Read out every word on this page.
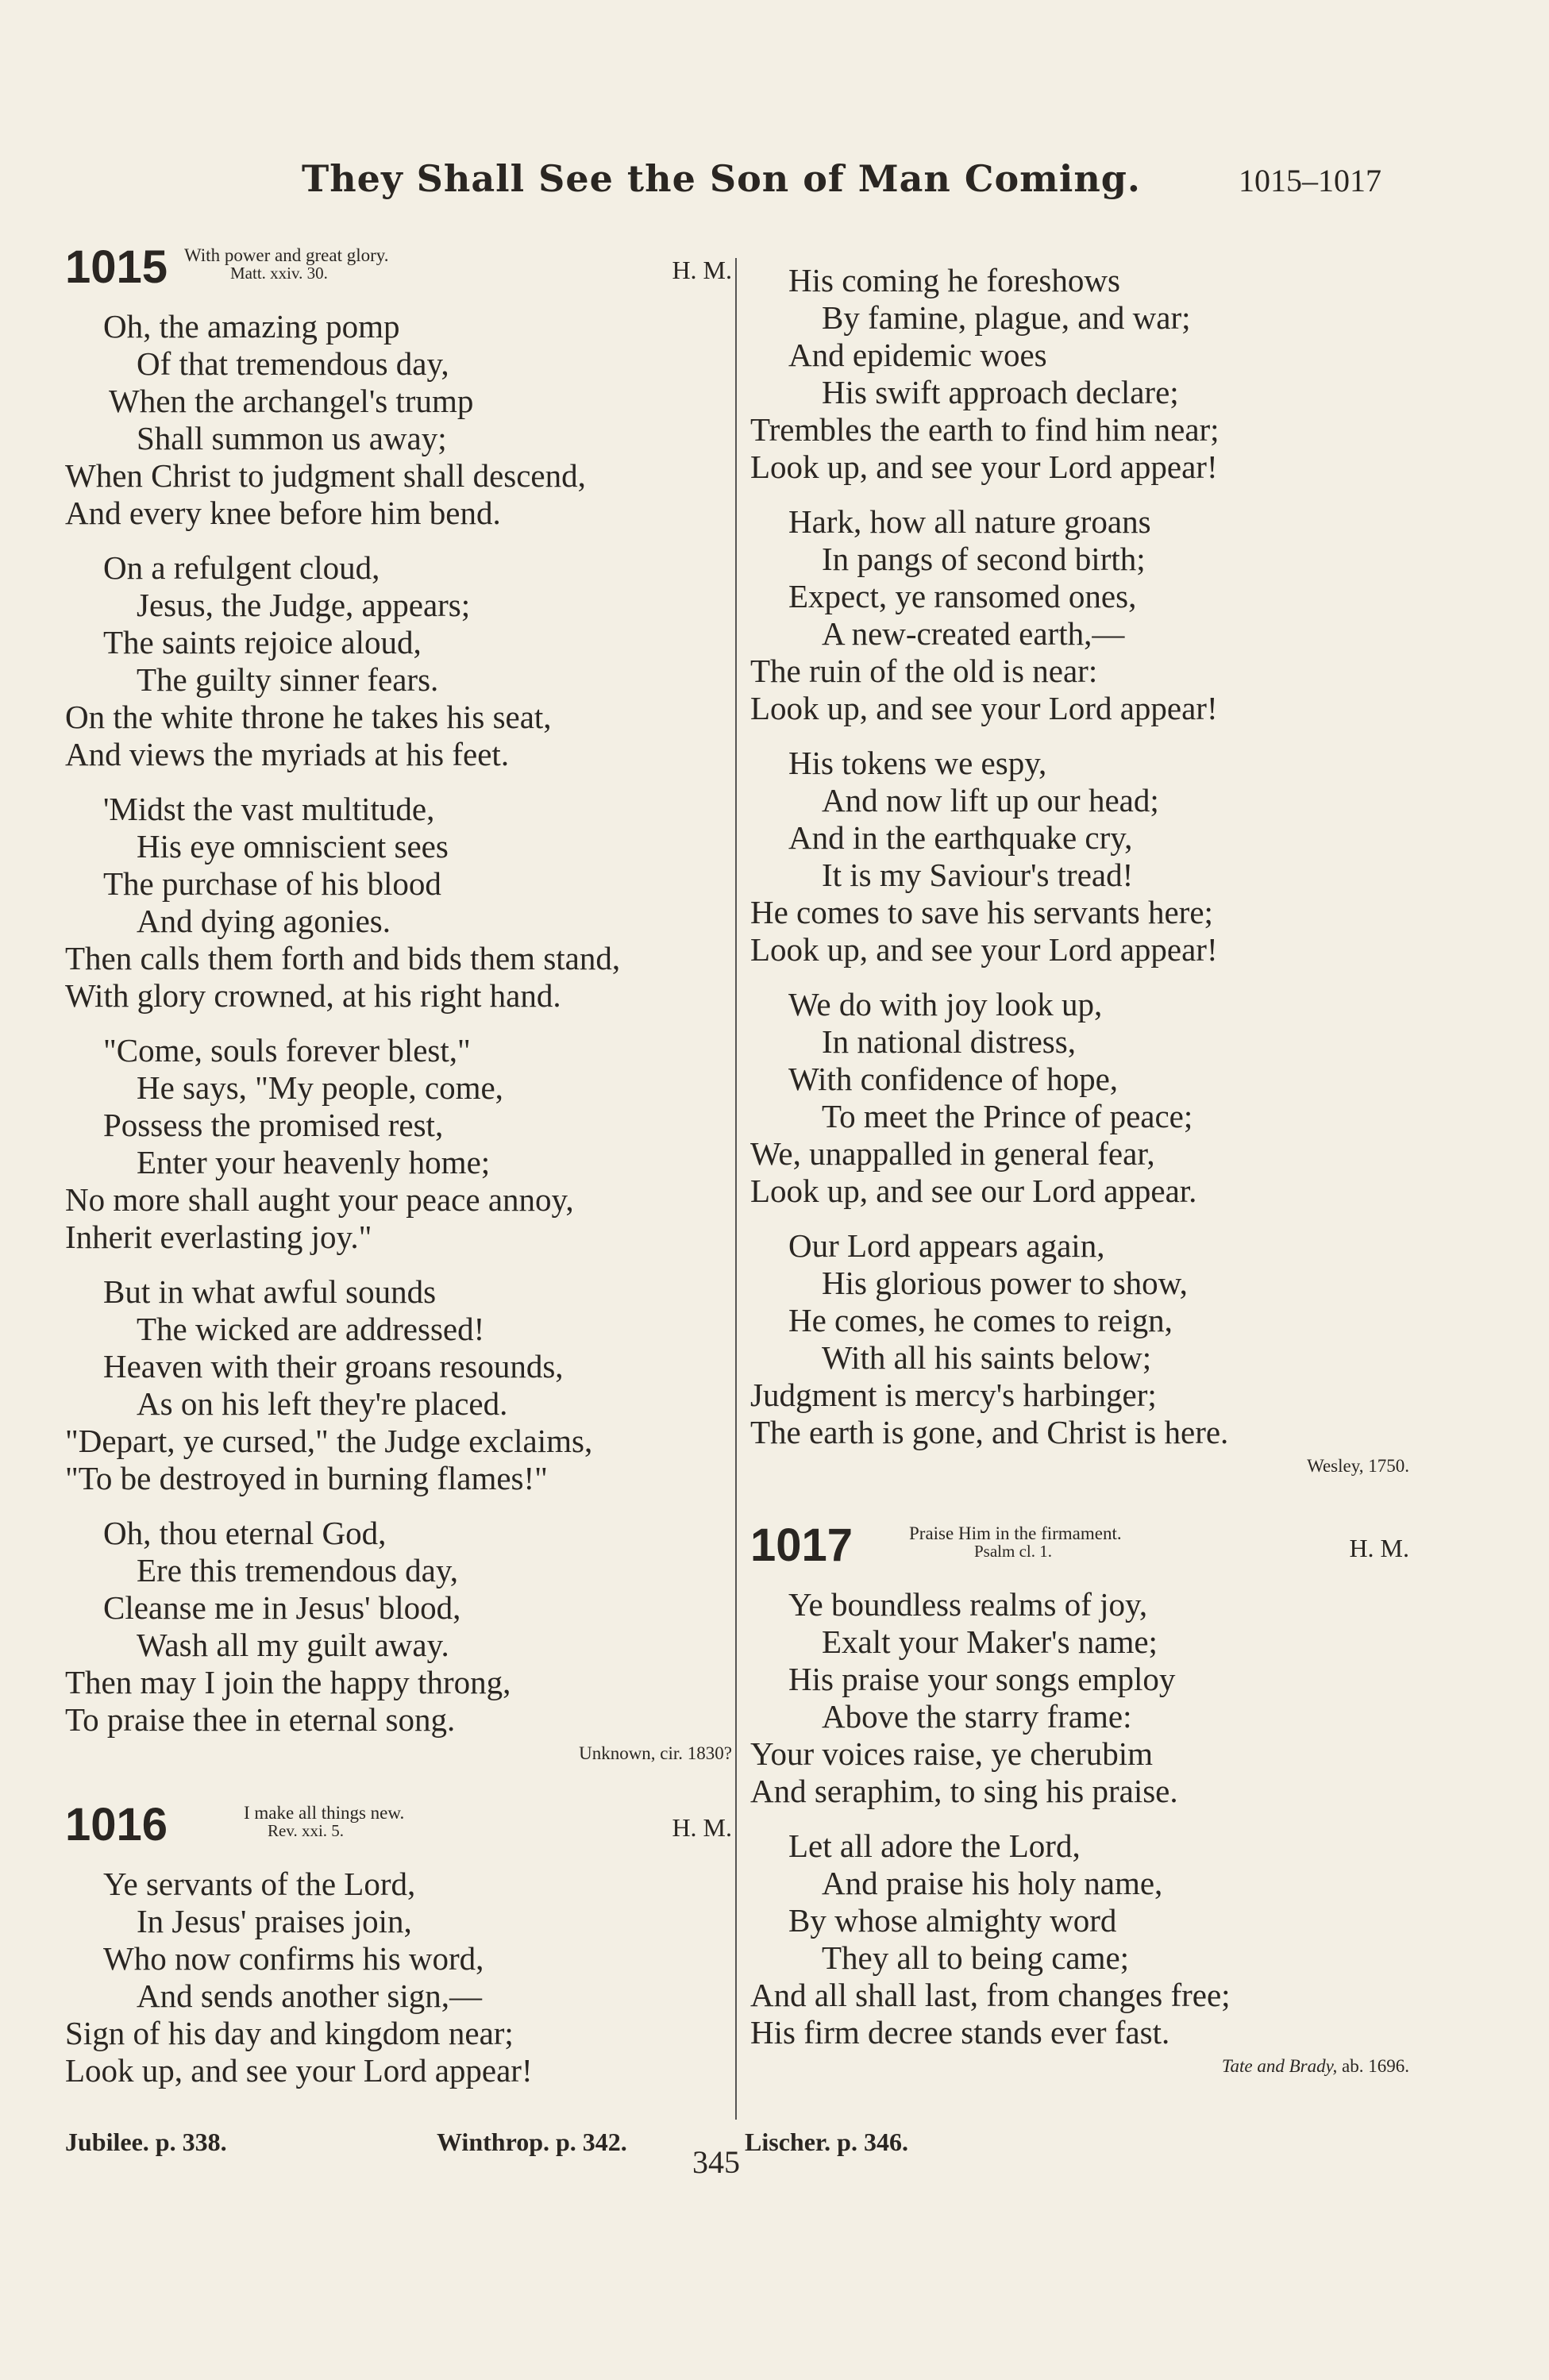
They Shall See the Son of Man Coming.	1015–1017
1015 With power and great glory.
Matt. xxiv. 30.	H. M.
Oh, the amazing pomp
Of that tremendous day,
When the archangel's trump
Shall summon us away;
When Christ to judgment shall descend,
And every knee before him bend.
On a refulgent cloud,
Jesus, the Judge, appears;
The saints rejoice aloud,
The guilty sinner fears.
On the white throne he takes his seat,
And views the myriads at his feet.
'Midst the vast multitude,
His eye omniscient sees
The purchase of his blood
And dying agonies.
Then calls them forth and bids them stand,
With glory crowned, at his right hand.
"Come, souls forever blest,"
He says, "My people, come,
Possess the promised rest,
Enter your heavenly home;
No more shall aught your peace annoy,
Inherit everlasting joy."
But in what awful sounds
The wicked are addressed!
Heaven with their groans resounds,
As on his left they're placed.
"Depart, ye cursed," the Judge exclaims,
"To be destroyed in burning flames!"
Oh, thou eternal God,
Ere this tremendous day,
Cleanse me in Jesus' blood,
Wash all my guilt away.
Then may I join the happy throng,
To praise thee in eternal song.
Unknown, cir. 1830?
1016	I make all things new.
Rev. xxi. 5.	H. M.
Ye servants of the Lord,
In Jesus' praises join,
Who now confirms his word,
And sends another sign,—
Sign of his day and kingdom near;
Look up, and see your Lord appear!
His coming he foreshows
By famine, plague, and war;
And epidemic woes
His swift approach declare;
Trembles the earth to find him near;
Look up, and see your Lord appear!
Hark, how all nature groans
In pangs of second birth;
Expect, ye ransomed ones,
A new-created earth,—
The ruin of the old is near:
Look up, and see your Lord appear!
His tokens we espy,
And now lift up our head;
And in the earthquake cry,
It is my Saviour's tread!
He comes to save his servants here;
Look up, and see your Lord appear!
We do with joy look up,
In national distress,
With confidence of hope,
To meet the Prince of peace;
We, unappalled in general fear,
Look up, and see our Lord appear.
Our Lord appears again,
His glorious power to show,
He comes, he comes to reign,
With all his saints below;
Judgment is mercy's harbinger;
The earth is gone, and Christ is here.
Wesley, 1750.
1017	Praise Him in the firmament.
Psalm cl. 1.	H. M.
Ye boundless realms of joy,
Exalt your Maker's name;
His praise your songs employ
Above the starry frame:
Your voices raise, ye cherubim
And seraphim, to sing his praise.
Let all adore the Lord,
And praise his holy name,
By whose almighty word
They all to being came;
And all shall last, from changes free;
His firm decree stands ever fast.
Tate and Brady, ab. 1696.
Jubilee. p. 338.	Winthrop. p. 342.	Lischer. p. 346.
345
